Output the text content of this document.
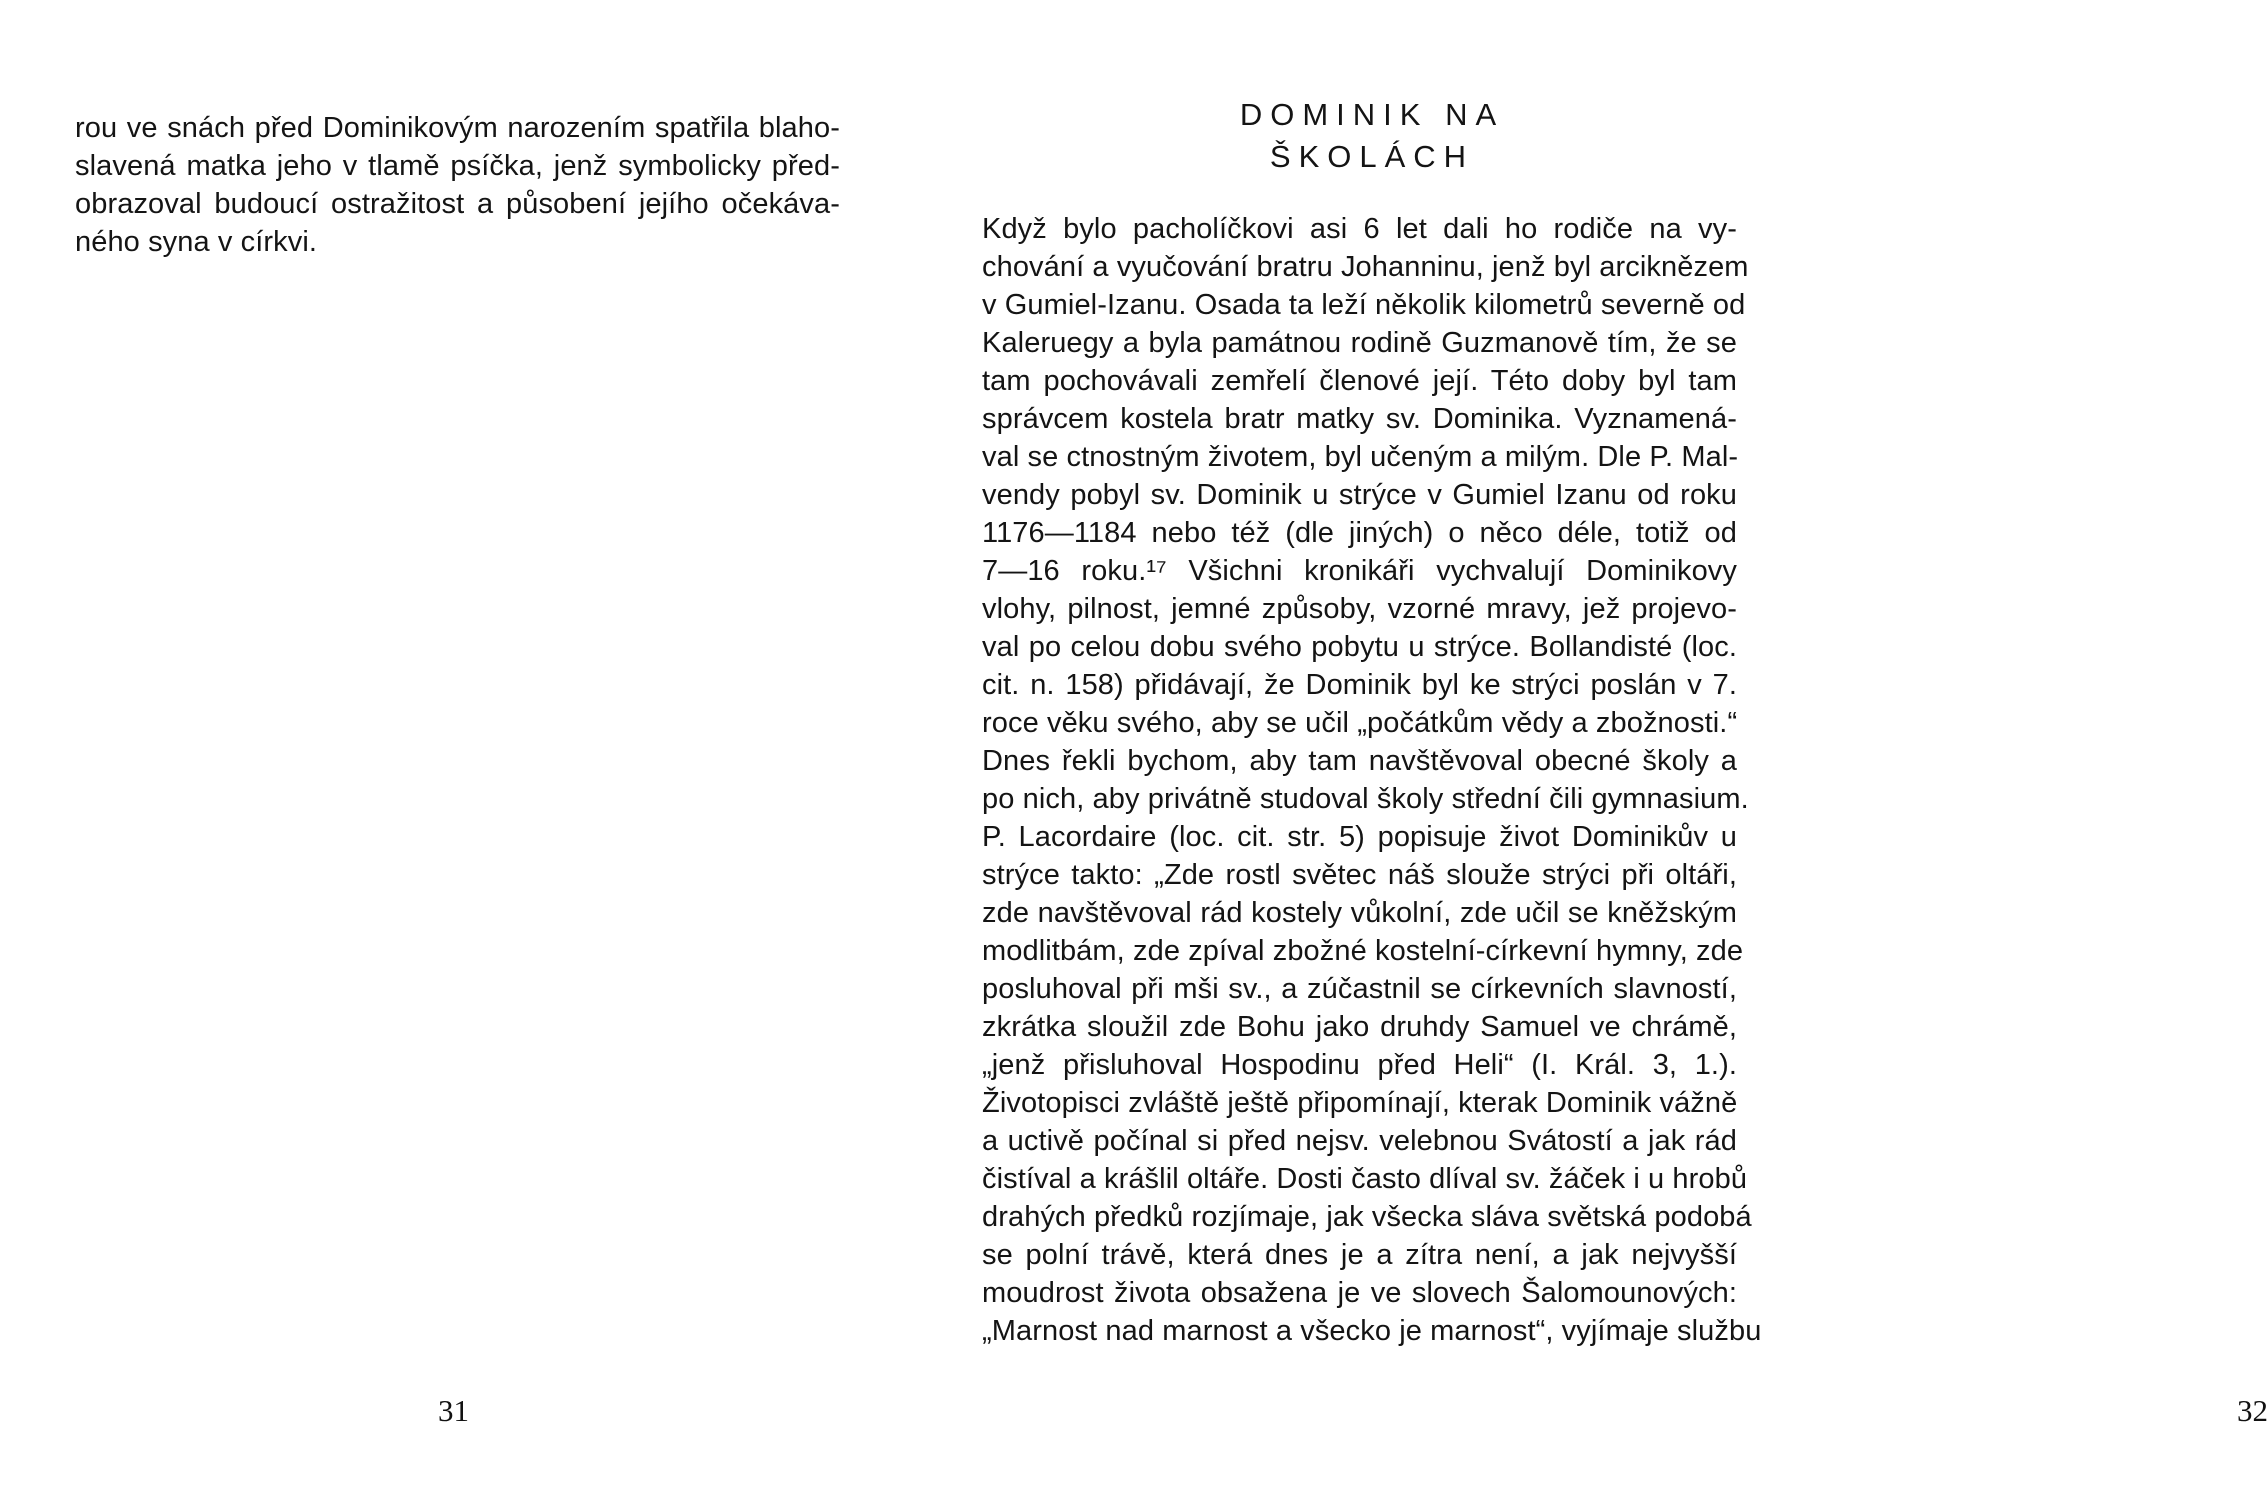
rou ve snách před Dominikovým narozením spatřila blaho-
slavená matka jeho v tlamě psíčka, jenž symbolicky před-
obrazoval budoucí ostražitost a působení jejího očekáva-
ného syna v církvi.
31
DOMINIK NA ŠKOLÁCH
Když bylo pacholíčkovi asi 6 let dali ho rodiče na vy-
chování a vyučování bratru Johanninu, jenž byl arciknězem
v Gumiel-Izanu. Osada ta leží několik kilometrů severně od
Kaleruegy a byla památnou rodině Guzmanově tím, že se
tam pochovávali zemřelí členové její. Této doby byl tam
správcem kostela bratr matky sv. Dominika. Vyznamená-
val se ctnostným životem, byl učeným a milým. Dle P. Mal-
vendy pobyl sv. Dominik u strýce v Gumiel Izanu od roku
1176—1184 nebo též (dle jiných) o něco déle, totiž od
7—16 roku.¹⁷ Všichni kronikáři vychvalují Dominikovy
vlohy, pilnost, jemné způsoby, vzorné mravy, jež projevo-
val po celou dobu svého pobytu u strýce. Bollandisté (loc.
cit. n. 158) přidávají, že Dominik byl ke strýci poslán v 7.
roce věku svého, aby se učil „počátkům vědy a zbožnosti.“
Dnes řekli bychom, aby tam navštěvoval obecné školy a
po nich, aby privátně studoval školy střední čili gymnasium.
P. Lacordaire (loc. cit. str. 5) popisuje život Dominikův u
strýce takto: „Zde rostl světec náš slouže strýci při oltáři,
zde navštěvoval rád kostely vůkolní, zde učil se kněžským
modlitbám, zde zpíval zbožné kostelní-církevní hymny, zde
posluhoval při mši sv., a zúčastnil se církevních slavností,
zkrátka sloužil zde Bohu jako druhdy Samuel ve chrámě,
„jenž přisluhoval Hospodinu před Heli“ (I. Král. 3, 1.).
Životopisci zvláště ještě připomínají, kterak Dominik vážně
a uctivě počínal si před nejsv. velebnou Svátostí a jak rád
čistíval a krášlil oltáře. Dosti často dlíval sv. žáček i u hrobů
drahých předků rozjímaje, jak všecka sláva světská podobá
se polní trávě, která dnes je a zítra není, a jak nejvyšší
moudrost života obsažena je ve slovech Šalomounových:
„Marnost nad marnost a všecko je marnost“, vyjímaje službu
32
